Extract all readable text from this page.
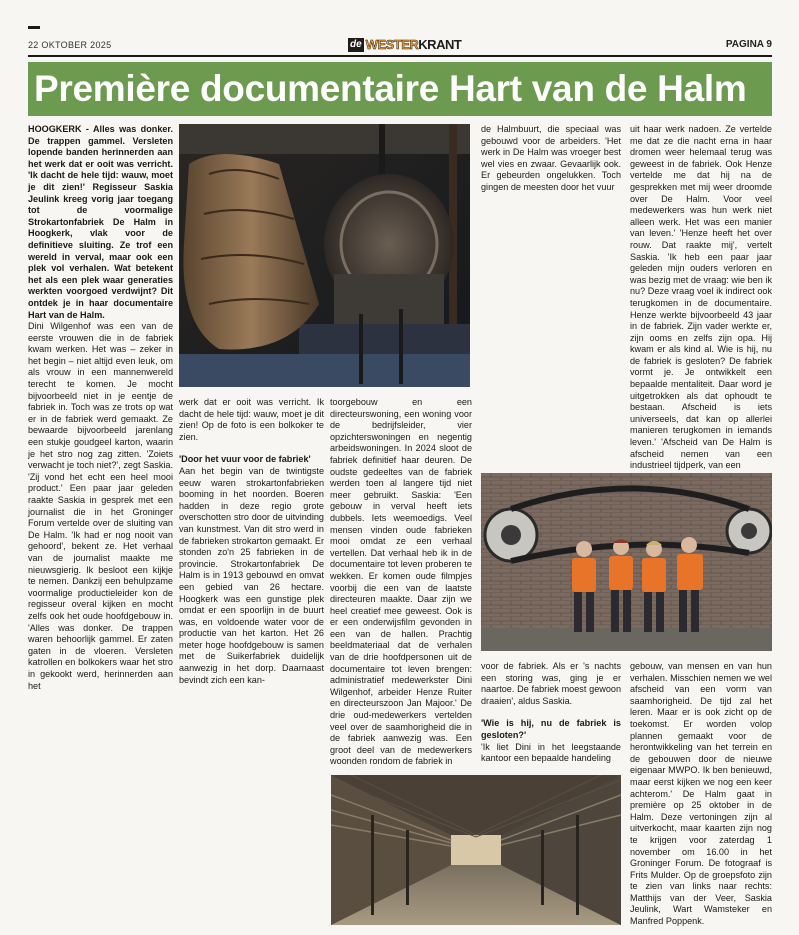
22 OKTOBER 2025	de WESTER KRANT	PAGINA 9
Première documentaire Hart van de Halm

HOOGKERK - Alles was donker. De trappen gammel. Versleten lopende banden herinnerden aan het werk dat er ooit was verricht. 'Ik dacht de hele tijd: wauw, moet je dit zien!' Regisseur Saskia Jeulink kreeg vorig jaar toegang tot de voormalige Strokartonfabriek De Halm in Hoogkerk, vlak voor de definitieve sluiting. Ze trof een wereld in verval, maar ook een plek vol verhalen. Wat betekent het als een plek waar generaties werkten voorgoed verdwijnt? Dit ontdek je in haar documentaire Hart van de Halm.

Dini Wilgenhof was een van de eerste vrouwen die in de fabriek kwam werken. Het was – zeker in het begin – niet altijd even leuk, om als vrouw in een mannenwereld terecht te komen. Je mocht bijvoorbeeld niet in je eentje de fabriek in. Toch was ze trots op wat er in de fabriek werd gemaakt. Ze bewaarde bijvoorbeeld jarenlang een stukje goudgeel karton, waarin je het stro nog zag zitten. 'Zoiets verwacht je toch niet?', zegt Saskia. 'Zij vond het echt een heel mooi product.' Een paar jaar geleden raakte Saskia in gesprek met een journalist die in het Groninger Forum vertelde over de sluiting van De Halm. 'Ik had er nog nooit van gehoord', bekent ze. Het verhaal van de journalist maakte me nieuwsgierig. Ik besloot een kijkje te nemen. Dankzij een behulpzame voormalige productieleider kon de regisseur overal kijken en mocht zelfs ook het oude hoofdgebouw in. 'Alles was donker. De trappen waren behoorlijk gammel. Er zaten gaten in de vloeren. Versleten katrollen en bolkokers waar het stro in gekookt werd, herinnerden aan het

werk dat er ooit was verricht. Ik dacht de hele tijd: wauw, moet je dit zien! Op de foto is een bolkoker te zien.

'Door het vuur voor de fabriek'

Aan het begin van de twintigste eeuw waren strokartonfabrieken booming in het noorden. Boeren hadden in deze regio grote overschotten stro door de uitvinding van kunstmest. Van dit stro werd in de fabrieken strokarton gemaakt. Er stonden zo'n 25 fabrieken in de provincie. Strokartonfabriek De Halm is in 1913 gebouwd en omvat een gebied van 26 hectare. Hoogkerk was een gunstige plek omdat er een spoorlijn in de buurt was, en voldoende water voor de productie van het karton. Het 26 meter hoge hoofdgebouw is samen met de Suikerfabriek duidelijk aanwezig in het dorp. Daarnaast bevindt zich een kan-

toorgebouw en een directeurswoning, een woning voor de bedrijfsleider, vier opzichterswoningen en negentig arbeidswoningen. In 2024 sloot de fabriek definitief haar deuren. De oudste gedeeltes van de fabriek werden toen al langere tijd niet meer gebruikt. Saskia: 'Een gebouw in verval heeft iets dubbels. Iets weemoedigs. Veel mensen vinden oude fabrieken mooi omdat ze een verhaal vertellen. Dat verhaal heb ik in de documentaire tot leven proberen te wekken. Er komen oude filmpjes voorbij die een van de laatste directeuren maakte. Daar zijn we heel creatief mee geweest. Ook is er een onderwijsfilm gevonden in een van de hallen. Prachtig beeldmateriaal dat de verhalen van de drie hoofdpersonen uit de documentaire tot leven brengen: administratief medewerkster Dini Wilgenhof, arbeider Henze Ruiter en directeurszoon Jan Majoor.' De drie oud-medewerkers vertelden veel over de saamhorigheid die in de fabriek aanwezig was. Een groot deel van de medewerkers woonden rondom de fabriek in

de Halmbuurt, die speciaal was gebouwd voor de arbeiders. 'Het werk in De Halm was vroeger best wel vies en zwaar. Gevaarlijk ook. Er gebeurden ongelukken. Toch gingen de meesten door het vuur

uit haar werk nadoen. Ze vertelde me dat ze die nacht erna in haar dromen weer helemaal terug was geweest in de fabriek. Ook Henze vertelde me dat hij na de gesprekken met mij weer droomde over De Halm. Voor veel medewerkers was hun werk niet alleen werk. Het was een manier van leven.' 'Henze heeft het over rouw. Dat raakte mij', vertelt Saskia. 'Ik heb een paar jaar geleden mijn ouders verloren en was bezig met de vraag: wie ben ik nu? Deze vraag voel ik indirect ook terugkomen in de documentaire. Henze werkte bijvoorbeeld 43 jaar in de fabriek. Zijn vader werkte er, zijn ooms en zelfs zijn opa. Hij kwam er als kind al. Wie is hij, nu de fabriek is gesloten? De fabriek vormt je. Je ontwikkelt een bepaalde mentaliteit. Daar word je uitgetrokken als dat ophoudt te bestaan. Afscheid is iets universeels, dat kan op allerlei manieren terugkomen in iemands leven.' 'Afscheid van De Halm is afscheid nemen van een industrieel tijdperk, van een

voor de fabriek. Als er 's nachts een storing was, ging je er naartoe. De fabriek moest gewoon draaien', aldus Saskia.

'Wie is hij, nu de fabriek is gesloten?'

'Ik liet Dini in het leegstaande kantoor een bepaalde handeling

gebouw, van mensen en van hun verhalen. Misschien nemen we wel afscheid van een vorm van saamhorigheid. De tijd zal het leren. Maar er is ook zicht op de toekomst. Er worden volop plannen gemaakt voor de herontwikkeling van het terrein en de gebouwen door de nieuwe eigenaar MWPO. Ik ben benieuwd, maar eerst kijken we nog een keer achterom.' De Halm gaat in première op 25 oktober in de Halm. Deze vertoningen zijn al uitverkocht, maar kaarten zijn nog te krijgen voor zaterdag 1 november om 16.00 in het Groninger Forum. De fotograaf is Frits Mulder. Op de groepsfoto zijn te zien van links naar rechts: Matthijs van der Veer, Saskia Jeulink, Wart Wamsteker en Manfred Poppenk.
